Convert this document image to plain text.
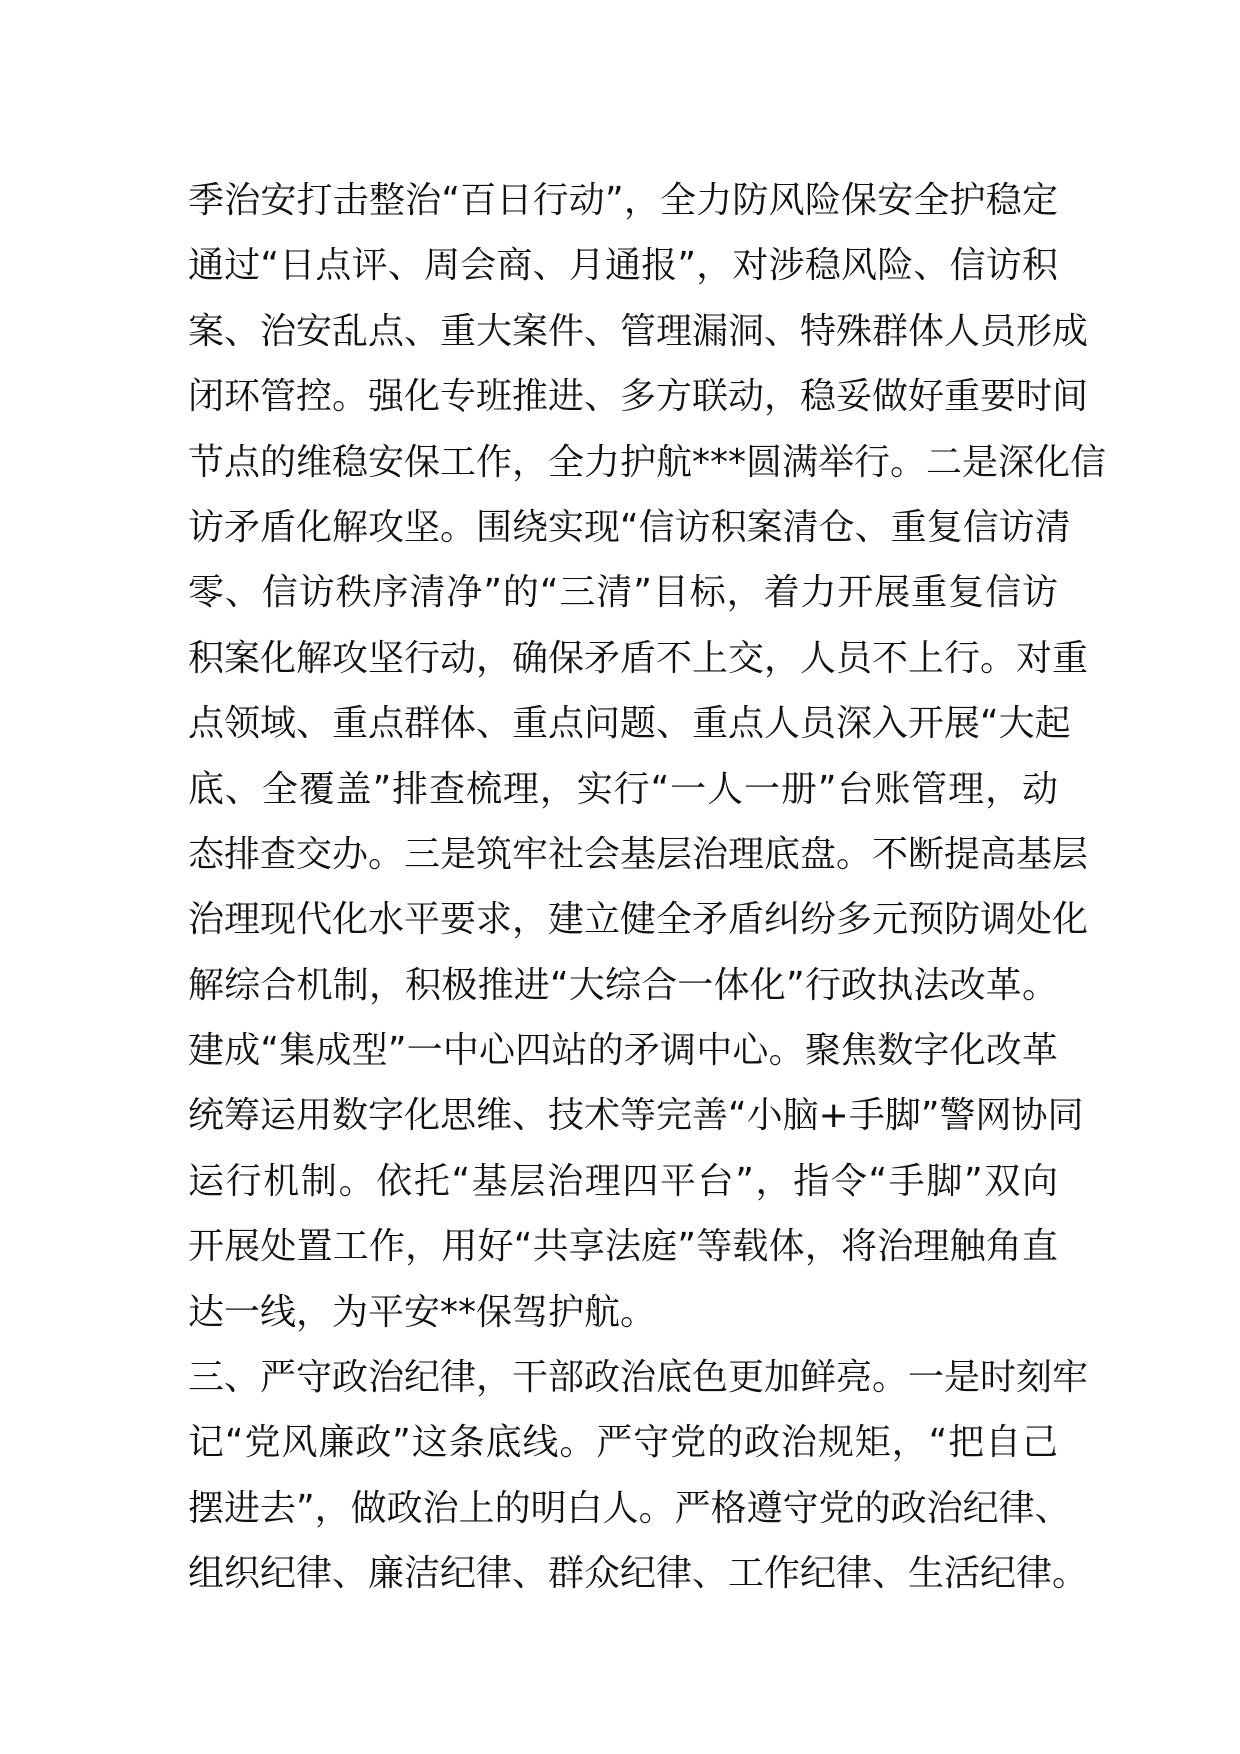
季治安打击整治“百日行动”，全力防风险保安全护稳定
通过“日点评、周会商、月通报”，对涉稳风险、信访积
案、治安乱点、重大案件、管理漏洞、特殊群体人员形成
闭环管控。强化专班推进、多方联动，稳妥做好重要时间
节点的维稳安保工作，全力护航***圆满举行。二是深化信
访矛盾化解攻坚。围绕实现“信访积案清仓、重复信访清
零、信访秩序清净”的“三清”目标，着力开展重复信访
积案化解攻坚行动，确保矛盾不上交，人员不上行。对重
点领域、重点群体、重点问题、重点人员深入开展“大起
底、全覆盖”排查梳理，实行“一人一册”台账管理，动
态排查交办。三是筑牢社会基层治理底盘。不断提高基层
治理现代化水平要求，建立健全矛盾纠纷多元预防调处化
解综合机制，积极推进“大综合一体化”行政执法改革。
建成“集成型”一中心四站的矛调中心。聚焦数字化改革
统筹运用数字化思维、技术等完善“小脑+手脚”警网协同
运行机制。依托“基层治理四平台”，指令“手脚”双向
开展处置工作，用好“共享法庭”等载体，将治理触角直
达一线，为平安**保驾护航。
三、严守政治纪律，干部政治底色更加鲜亮。一是时刻牢
记“党风廉政”这条底线。严守党的政治规矩，“把自己
摆进去”，做政治上的明白人。严格遵守党的政治纪律、
组织纪律、廉洁纪律、群众纪律、工作纪律、生活纪律。
